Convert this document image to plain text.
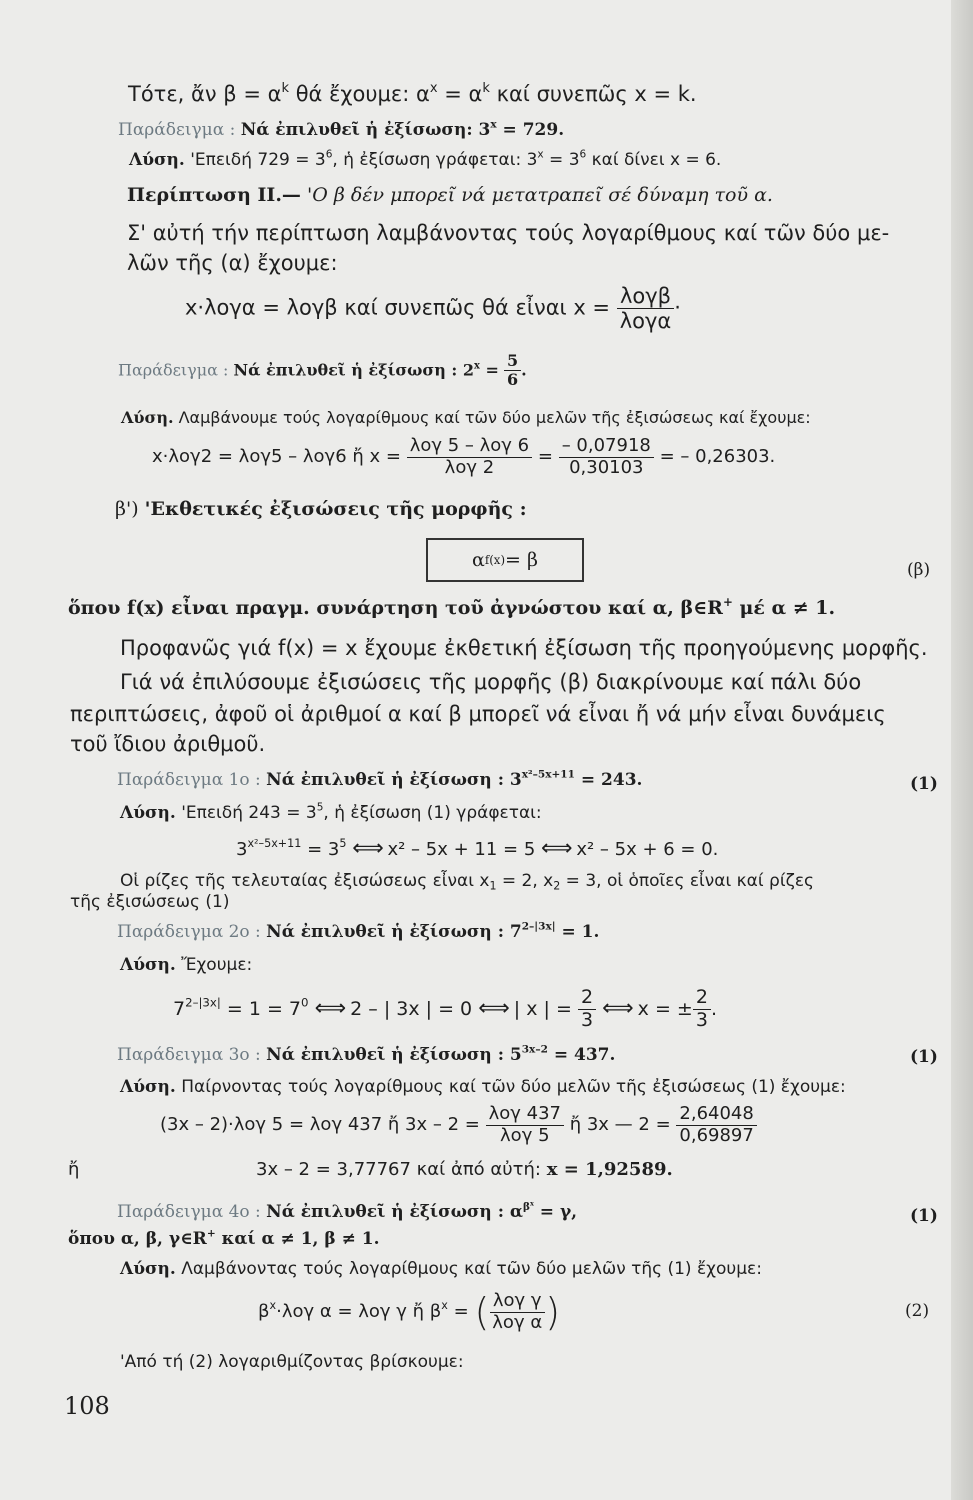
Τότε, ἄν $\beta = \alpha^k$ θά ἔχουμε: $\alpha^x = \alpha^k$ καί συνεπῶς x = k.
Παράδειγμα : Νά ἐπιλυθεῖ ἡ ἐξίσωση: $3^x = 729$.
Λύση. 'Επειδή $729 = 3^6$, ἡ ἐξίσωση γράφεται: $3^x = 3^6$ καί δίνει x = 6.
Περίπτωση ΙΙ.— 'Ο β δέν μπορεῖ νά μετατραπεῖ σέ δύναμη τοῦ α.
Σ' αὐτή τήν περίπτωση λαμβάνοντας τούς λογαρίθμους καί τῶν δύο με-
λῶν τῆς (α) ἔχουμε:
x·λογα = λογβ καί συνεπῶς θά εἶναι $x = \frac{\text{λογβ}}{\text{λογα}}$ ·
Παράδειγμα : Νά ἐπιλυθεῖ ἡ ἐξίσωση : $2^x = \frac{5}{6}$ .
Λύση. Λαμβάνουμε τούς λογαρίθμους καί τῶν δύο μελῶν τῆς ἐξισώσεως καί ἔχουμε:
x·λογ2 = λογ5 – λογ6 ἤ $x = \frac{\text{λογ 5 – λογ 6}}{\text{λογ 2}} = \frac{- 0,07918}{0,30103}$ = – 0,26303.
β') 'Εκθετικές ἐξισώσεις τῆς μορφῆς :
α f(x) = β	(β)
ὅπου f(x) εἶναι πραγμ. συνάρτηση τοῦ ἀγνώστου καί α, β∈R+ μέ α ≠ 1.
Προφανῶς γιά f(x) = x ἔχουμε ἐκθετική ἐξίσωση τῆς προηγούμενης μορφῆς.
Γιά νά ἐπιλύσουμε ἐξισώσεις τῆς μορφῆς (β) διακρίνουμε καί πάλι δύο
περιπτώσεις, ἀφοῦ οἱ ἀριθμοί α καί β μπορεῖ νά εἶναι ἤ νά μήν εἶναι δυνάμεις
τοῦ ἴδιου ἀριθμοῦ.
Παράδειγμα 1ο : Νά ἐπιλυθεῖ ἡ ἐξίσωση : $3^{x^2-5x+11} = 243$.	(1)
Λύση. 'Επειδή $243 = 3^5$, ἡ ἐξίσωση (1) γράφεται:
$3^{x^2-5x+11} = 3^5$ ⟺ x² – 5x + 11 = 5 ⟺ x² – 5x + 6 = 0.
Οἱ ρίζες τῆς τελευταίας ἐξισώσεως εἶναι $x_1 = 2$, $x_2 = 3$, οἱ ὁποῖες εἶναι καί ρίζες
τῆς ἐξισώσεως (1)
Παράδειγμα 2ο : Νά ἐπιλυθεῖ ἡ ἐξίσωση : $7^{2-|3x|} = 1$.
Λύση. Ἔχουμε:
$7^{2-|3x|} = 1 = 7^0$ ⟺ 2 – | 3x | = 0 ⟺ | x | = $\frac{2}{3}$ ⟺ x = ± $\frac{2}{3}$ .
Παράδειγμα 3ο : Νά ἐπιλυθεῖ ἡ ἐξίσωση : $5^{3x-2} = 437$.	(1)
Λύση. Παίρνοντας τούς λογαρίθμους καί τῶν δύο μελῶν τῆς ἐξισώσεως (1) ἔχουμε:
(3x – 2)·λογ 5 = λογ 437 ἤ $3x - 2 = \frac{\text{λογ 437}}{\text{λογ 5}}$ ἤ 3x — $2 = \frac{2,64048}{0,69897}$
ἤ	3x – 2 = 3,77767 καί ἀπό αὐτή: x = 1,92589.
Παράδειγμα 4ο : Νά ἐπιλυθεῖ ἡ ἐξίσωση : $\alpha^{\beta^x} = \gamma$,	(1)
ὅπου α, β, γ∈R+ καί α ≠ 1, β ≠ 1.
Λύση. Λαμβάνοντας τούς λογαρίθμους καί τῶν δύο μελῶν τῆς (1) ἔχουμε:
$\beta^x\cdot\lambda o\gamma$ α = λογ γ ἤ $\beta^x$ = ( $\frac{\text{λογ γ}}{\text{λογ α}}$ )	(2)
'Από τή (2) λογαριθμίζοντας βρίσκουμε:
108
